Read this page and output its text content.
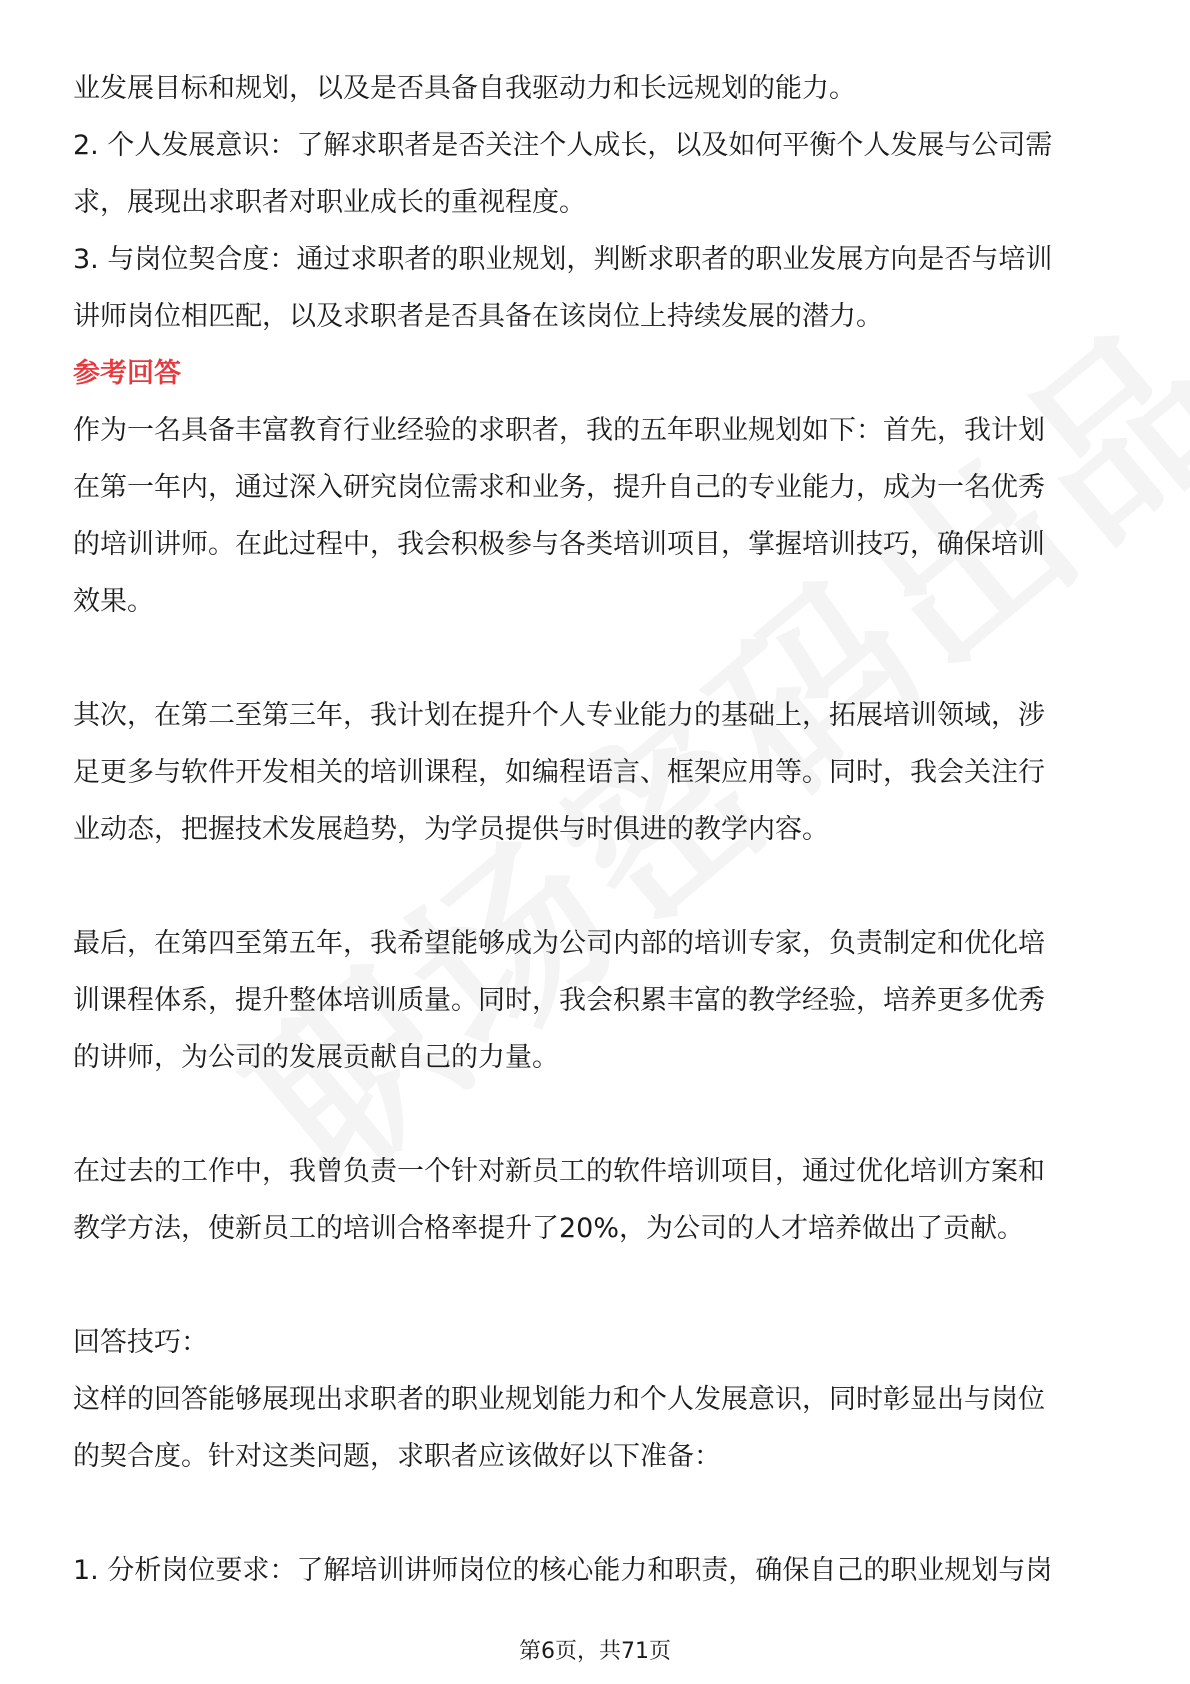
业发展目标和规划，以及是否具备自我驱动力和长远规划的能力。
2. 个人发展意识：了解求职者是否关注个人成长，以及如何平衡个人发展与公司需
求，展现出求职者对职业成长的重视程度。
3. 与岗位契合度：通过求职者的职业规划，判断求职者的职业发展方向是否与培训
讲师岗位相匹配，以及求职者是否具备在该岗位上持续发展的潜力。
参考回答
作为一名具备丰富教育行业经验的求职者，我的五年职业规划如下：首先，我计划
在第一年内，通过深入研究岗位需求和业务，提升自己的专业能力，成为一名优秀
的培训讲师。在此过程中，我会积极参与各类培训项目，掌握培训技巧，确保培训
效果。
其次，在第二至第三年，我计划在提升个人专业能力的基础上，拓展培训领域，涉
足更多与软件开发相关的培训课程，如编程语言、框架应用等。同时，我会关注行
业动态，把握技术发展趋势，为学员提供与时俱进的教学内容。
最后，在第四至第五年，我希望能够成为公司内部的培训专家，负责制定和优化培
训课程体系，提升整体培训质量。同时，我会积累丰富的教学经验，培养更多优秀
的讲师，为公司的发展贡献自己的力量。
在过去的工作中，我曾负责一个针对新员工的软件培训项目，通过优化培训方案和
教学方法，使新员工的培训合格率提升了20%，为公司的人才培养做出了贡献。
回答技巧：
这样的回答能够展现出求职者的职业规划能力和个人发展意识，同时彰显出与岗位
的契合度。针对这类问题，求职者应该做好以下准备：
1. 分析岗位要求：了解培训讲师岗位的核心能力和职责，确保自己的职业规划与岗
第6页，共71页
